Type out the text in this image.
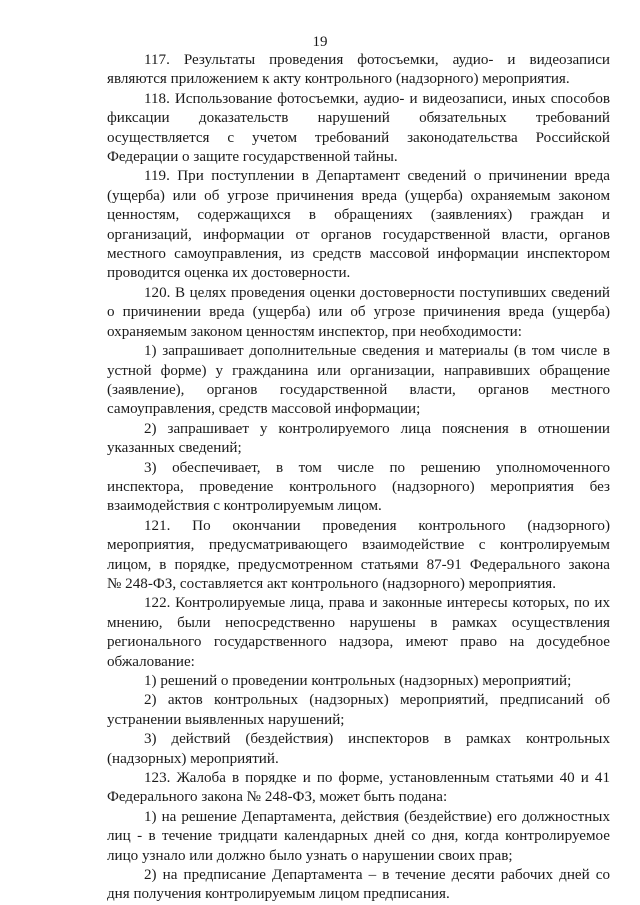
19

117. Результаты проведения фотосъемки, аудио- и видеозаписи
являются приложением к акту контрольного (надзорного) мероприятия.

118. Использование фотосъемки, аудио- и видеозаписи, иных способов
фиксации доказательств нарушений обязательных требований
осуществляется с учетом требований законодательства Российской
Федерации о защите государственной тайны.

119. При поступлении в Департамент сведений о причинении вреда
(ущерба) или об угрозе причинения вреда (ущерба) охраняемым законом
ценностям, содержащихся в обращениях (заявлениях) граждан и
организаций, информации от органов государственной власти, органов
местного самоуправления, из средств массовой информации инспектором
проводится оценка их достоверности.

120. В целях проведения оценки достоверности поступивших сведений
о причинении вреда (ущерба) или об угрозе причинения вреда (ущерба)
охраняемым законом ценностям инспектор, при необходимости:

1) запрашивает дополнительные сведения и материалы (в том числе в
устной форме) у гражданина или организации, направивших обращение
(заявление), органов государственной власти, органов местного
самоуправления, средств массовой информации;

2) запрашивает у контролируемого лица пояснения в отношении
указанных сведений;

3) обеспечивает, в том числе по решению уполномоченного
инспектора, проведение контрольного (надзорного) мероприятия без
взаимодействия с контролируемым лицом.

121. По окончании проведения контрольного (надзорного)
мероприятия, предусматривающего взаимодействие с контролируемым
лицом, в порядке, предусмотренном статьями 87-91 Федерального закона
№ 248-ФЗ, составляется акт контрольного (надзорного) мероприятия.

122. Контролируемые лица, права и законные интересы которых, по их
мнению, были непосредственно нарушены в рамках осуществления
регионального государственного надзора, имеют право на досудебное
обжалование:

1) решений о проведении контрольных (надзорных) мероприятий;

2) актов контрольных (надзорных) мероприятий, предписаний об
устранении выявленных нарушений;

3) действий (бездействия) инспекторов в рамках контрольных
(надзорных) мероприятий.

123. Жалоба в порядке и по форме, установленным статьями 40 и 41
Федерального закона № 248-ФЗ, может быть подана:

1) на решение Департамента, действия (бездействие) его должностных
лиц - в течение тридцати календарных дней со дня, когда контролируемое
лицо узнало или должно было узнать о нарушении своих прав;

2) на предписание Департамента – в течение десяти рабочих дней со
дня получения контролируемым лицом предписания.
